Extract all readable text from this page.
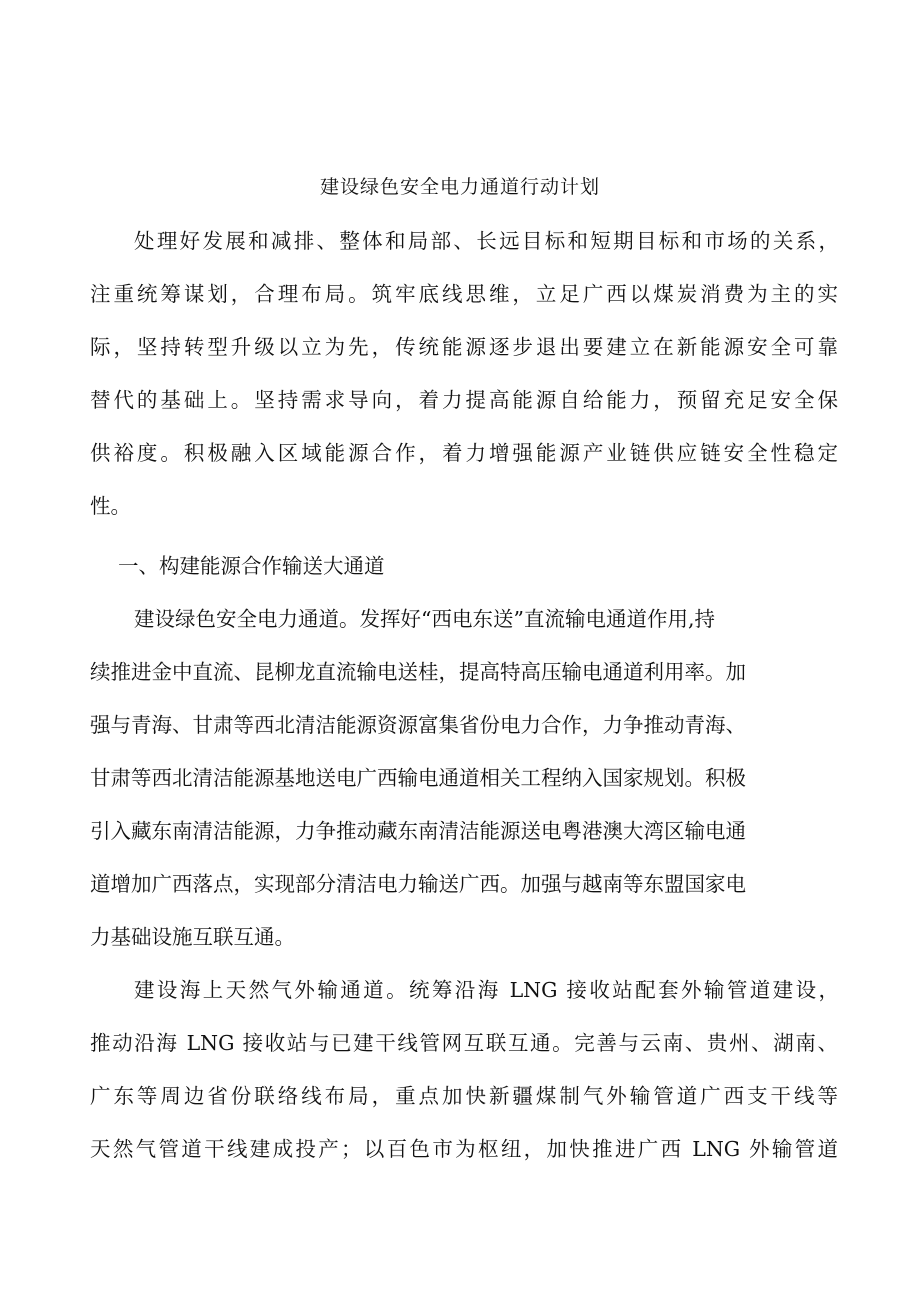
建设绿色安全电力通道行动计划
处理好发展和减排、整体和局部、长远目标和短期目标和市场的关系，
注重统筹谋划，合理布局。筑牢底线思维，立足广西以煤炭消费为主的实
际，坚持转型升级以立为先，传统能源逐步退出要建立在新能源安全可靠
替代的基础上。坚持需求导向，着力提高能源自给能力，预留充足安全保
供裕度。积极融入区域能源合作，着力增强能源产业链供应链安全性稳定
性。
一、构建能源合作输送大通道
建设绿色安全电力通道。发挥好“西电东送”直流输电通道作用,持
续推进金中直流、昆柳龙直流输电送桂，提高特高压输电通道利用率。加
强与青海、甘肃等西北清洁能源资源富集省份电力合作，力争推动青海、
甘肃等西北清洁能源基地送电广西输电通道相关工程纳入国家规划。积极
引入藏东南清洁能源，力争推动藏东南清洁能源送电粤港澳大湾区输电通
道增加广西落点，实现部分清洁电力输送广西。加强与越南等东盟国家电
力基础设施互联互通。
建设海上天然气外输通道。统筹沿海 LNG 接收站配套外输管道建设，
推动沿海 LNG 接收站与已建干线管网互联互通。完善与云南、贵州、湖南、
广东等周边省份联络线布局，重点加快新疆煤制气外输管道广西支干线等
天然气管道干线建成投产；以百色市为枢纽，加快推进广西 LNG 外输管道
